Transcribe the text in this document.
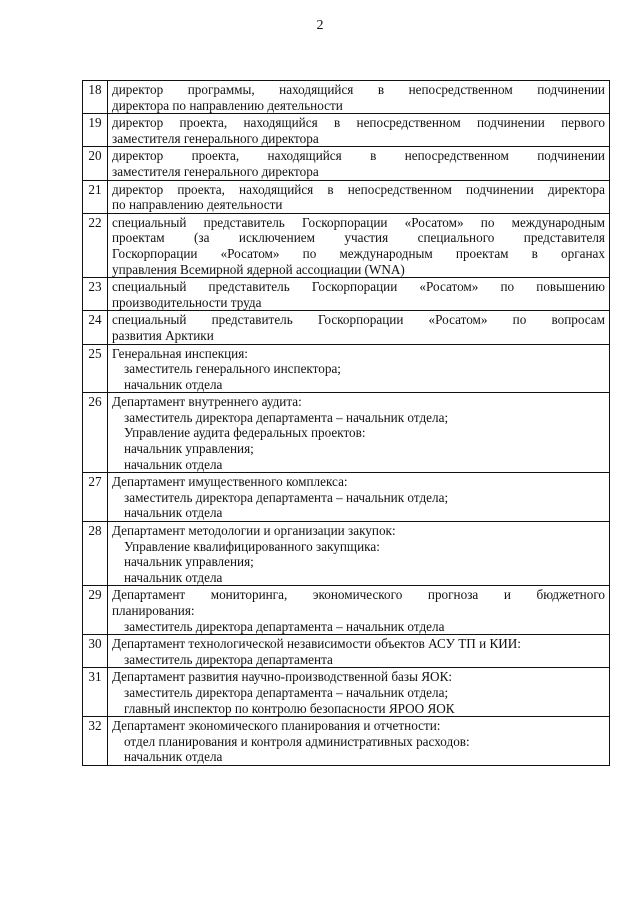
2
18	директор программы, находящийся в непосредственном подчинении
директора по направлению деятельности

19	директор проекта, находящийся в непосредственном подчинении первого
заместителя генерального директора

20	директор проекта, находящийся в непосредственном подчинении
заместителя генерального директора

21	директор проекта, находящийся в непосредственном подчинении директора
по направлению деятельности

22	специальный представитель Госкорпорации «Росатом» по международным
проектам (за исключением участия специального представителя
Госкорпорации «Росатом» по международным проектам в органах
управления Всемирной ядерной ассоциации (WNA)

23	специальный представитель Госкорпорации «Росатом» по повышению
производительности труда

24	специальный представитель Госкорпорации «Росатом» по вопросам
развития Арктики

25	Генеральная инспекция:
заместитель генерального инспектора;
начальник отдела

26	Департамент внутреннего аудита:
заместитель директора департамента – начальник отдела;
Управление аудита федеральных проектов:
начальник управления;
начальник отдела

27	Департамент имущественного комплекса:
заместитель директора департамента – начальник отдела;
начальник отдела

28	Департамент методологии и организации закупок:
Управление квалифицированного закупщика:
начальник управления;
начальник отдела

29	Департамент мониторинга, экономического прогноза и бюджетного
планирования:
заместитель директора департамента – начальник отдела

30	Департамент технологической независимости объектов АСУ ТП и КИИ:
заместитель директора департамента

31	Департамент развития научно-производственной базы ЯОК:
заместитель директора департамента – начальник отдела;
главный инспектор по контролю безопасности ЯРОО ЯОК

32	Департамент экономического планирования и отчетности:
отдел планирования и контроля административных расходов:
начальник отдела
